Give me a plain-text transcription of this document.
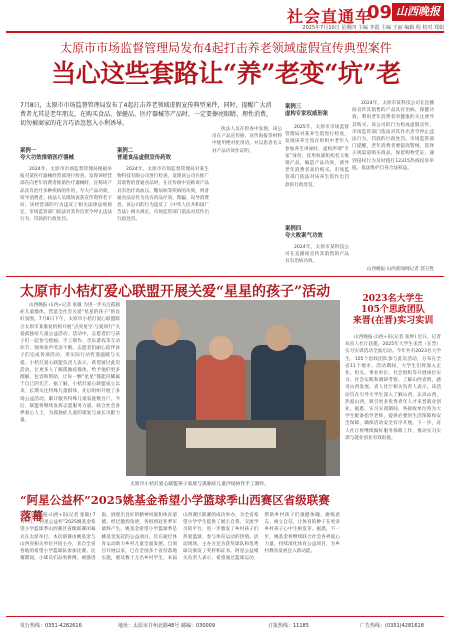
社会直通车
09 山西晚报
2025年7月10日 星期四 主编 李霞 主编 王丽 编辑 程 校对 郑娟
太原市市场监督管理局发布4起打击养老领域虚假宣传典型案件
当心这些套路让“养”老变“坑”老
7月8日，太原市市场监督管理局发布了4起打击养老领域虚假宣传典型案件，同时，提醒广大消费者尤其是老年朋友，在购买食品、保健品、医疗器械等产品时，一定要擦亮眼睛、理性消费，切勿被商家的花言巧语忽悠入小利诱导。
案例一
夸大功效推销医疗器械

2024年，太原市市场监督管理局根据举报对某医疗器械经营部进行检查，发现该经营部在向老年消费者推销医疗器械时，宣称该产品具有治疗多种疾病的作用，夸大产品功效，误导消费者。执法人员现场查获宣传资料若干份。该经营部的行为违反了相关法律法规规定，市场监管部门依法对其作出责令停止违法行为、罚款的行政处罚。

案例二
普通食品虚假宣传药效

2024年，太原市市场监督管理局对某生物科技有限公司进行检查，发现该公司在推广其销售的普通食品时，在宣传册中宣称该产品具有治疗高血压、糖尿病等疾病的功效，将普通食品宣传为具有药品疗效，欺骗、误导消费者。该公司的行为违反了《中华人民共和国广告法》相关规定，市场监管部门依法对其作出行政处罚。

执法人员在检查中发现，该公司在产品宣传册、宣传海报等材料中使用绝对化用语，并以患者名义对产品功效作证明。

案例三
虚构专家权威形象

2025年，太原市市场监督管理局对某养生馆进行检查，发现该养生馆在组织中老年人参加养生讲座时，虚构所谓“专家”身份，冒用权威机构名义推销产品，编造产品功效，诱导老年消费者高价购买。市场监管部门依法对该养生馆作出罚款的行政处罚。

案例四
夸大败案气功效

2024年，太原市某科技公司在直播间宣传其销售的产品具有治病功效。

2024年，太原市某科技公司在直播间宣传其销售的产品具有治病、保健功效，利用老年消费者对健康的关注诱导其购买。该公司的行为构成虚假宣传，市场监管部门依法对其作出责令停止违法行为、罚款的行政处罚。市场监管部门提醒，老年消费者要提高警惕，选择正规渠道购买商品，保留购物凭证，遇到侵权行为及时拨打12315热线投诉举报，依法维护自身合法权益。

山西晚报·山西新闻网记者 郭卫胜
太原市小桔灯爱心联盟开展关爱“星星的孩子”活动

山西晚报·山西+记者 张敏 为进一步关注孤独症儿童群体，营造全社会关爱“星星的孩子”的良好氛围，7月8日下午，太原市小桔灯爱心联盟联合太原市某康复机构开展“点亮星空·与爱同行”关爱孤独症儿童公益活动。活动中，志愿者们与孩子们一起参与绘画、手工制作、音乐游戏等互动环节，现场欢声笑语不断。志愿者们耐心陪伴孩子们完成各项活动，用实际行动传递温暖与关爱。小桔灯爱心联盟负责人表示，希望通过此次活动，让更多人了解孤独症群体，给予他们更多理解、包容和帮助，让每一颗“星星”都能闪耀属于自己的光芒。据了解，小桔灯爱心联盟成立以来，长期关注特殊儿童群体，先后组织开展了多场公益活动，累计服务特殊儿童家庭数百户。今后，联盟将继续发挥志愿服务力量，联合社会各界爱心人士，为孤独症儿童的康复与成长贡献力量。

太原市小桔灯爱心联盟孩子家庭与孤独症儿童沙场协作手工制作。
2023名大学生
105个思政团队
来晋(在晋)实习实训

山西晚报·山西+讯(记者 张婷) 近日，记者从省人社厅获悉，2025年大学生来晋（在晋）实习实训活动全面启动。今年共有2023名大学生、105个思政团队参与此次活动，分布在全省11个地市。活动期间，大学生们将深入企业、机关、事业单位、社会组织等开展岗位实习、社会实践和调研考察，了解山西省情，感受山西发展。省人社厅相关负责人表示，该活动旨在引导大学生深入了解山西、认识山西、热爱山西，吸引更多优秀青年人才来晋就业创业。据悉，实习实训期间，各接收单位将为大学生配备指导老师，提供必要的生活保障和安全保障，确保活动安全有序开展。下一步，省人社厅将继续做好服务保障工作，推动实习实训与就业创业有效衔接。

“阿星公益杯”2025姚基金希望小学篮球季山西赛区省级联赛落幕

山西晚报·山西+讯(记者 张敏) 7月7日，“阿星公益杯”2025姚基金希望小学篮球季山西赛区省级联赛闭幕式在太原举行。本次联赛由姚基金与山西省相关单位共同主办，来自全省各地的希望小学篮球队参加比赛。比赛期间，小球员们奋勇拼搏、顽强进取，展现出良好的精神风貌和体育道德。经过激烈角逐，各组别冠亚季军最终产生。姚基金希望小学篮球季是姚基金发起的公益项目，旨在通过体育运动助力乡村儿童全面发展。自项目开展以来，已在全国多个省份落地实施，惠及数十万名乡村学生。本届山西赛区联赛的成功举办，为全省希望小学学生提供了展示自我、交流学习的平台，进一步激发了乡村孩子们热爱篮球、参与体育运动的热情。活动现场，主办方还为获奖球队和优秀球员颁发了奖杯和证书。阿星公益相关负责人表示，希望通过篮球运动，帮助乡村孩子们强健体魄、磨练意志、树立自信，让体育的种子在更多乡村孩子心中生根发芽。据悉，下一步，姚基金将继续联合社会各界爱心力量，持续深化体育公益项目，为乡村教育发展注入新动能。

发行热线：0351-4282616	地址：太原市并州北路48号 邮编：030009	订报热线：11185	广告热线：(0351)4281618
